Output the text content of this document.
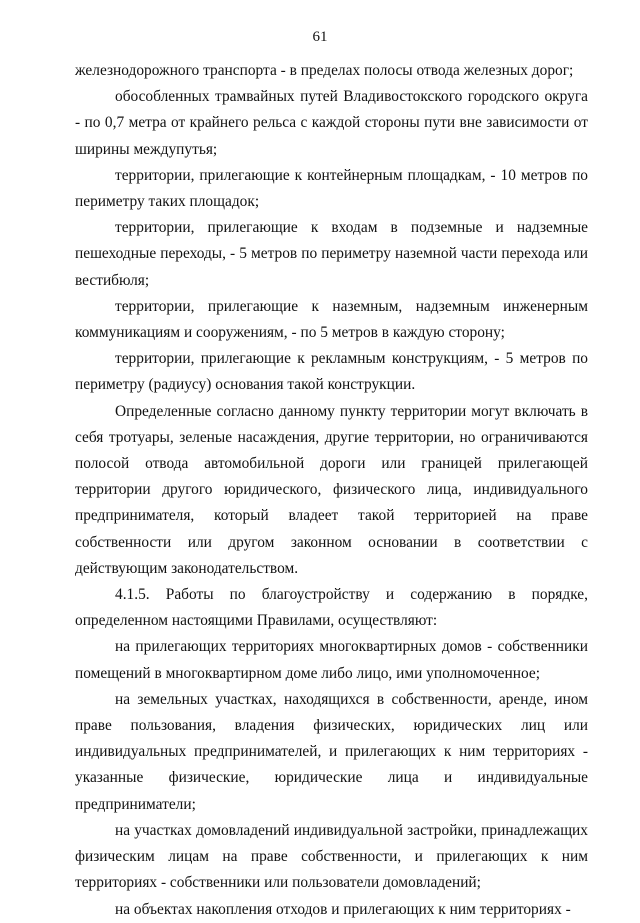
61

железнодорожного транспорта - в пределах полосы отвода железных дорог;

обособленных трамвайных путей Владивостокского городского округа - по 0,7 метра от крайнего рельса с каждой стороны пути вне зависимости от ширины междупутья;

территории, прилегающие к контейнерным площадкам, - 10 метров по периметру таких площадок;

территории, прилегающие к входам в подземные и надземные пешеходные переходы, - 5 метров по периметру наземной части перехода или вестибюля;

территории, прилегающие к наземным, надземным инженерным коммуникациям и сооружениям, - по 5 метров в каждую сторону;

территории, прилегающие к рекламным конструкциям, - 5 метров по периметру (радиусу) основания такой конструкции.

Определенные согласно данному пункту территории могут включать в себя тротуары, зеленые насаждения, другие территории, но ограничиваются полосой отвода автомобильной дороги или границей прилегающей территории другого юридического, физического лица, индивидуального предпринимателя, который владеет такой территорией на праве собственности или другом законном основании в соответствии с действующим законодательством.

4.1.5. Работы по благоустройству и содержанию в порядке, определенном настоящими Правилами, осуществляют:

на прилегающих территориях многоквартирных домов - собственники помещений в многоквартирном доме либо лицо, ими уполномоченное;

на земельных участках, находящихся в собственности, аренде, ином праве пользования, владения физических, юридических лиц или индивидуальных предпринимателей, и прилегающих к ним территориях - указанные физические, юридические лица и индивидуальные предприниматели;

на участках домовладений индивидуальной застройки, принадлежащих физическим лицам на праве собственности, и прилегающих к ним территориях - собственники или пользователи домовладений;

на объектах накопления отходов и прилегающих к ним территориях -
